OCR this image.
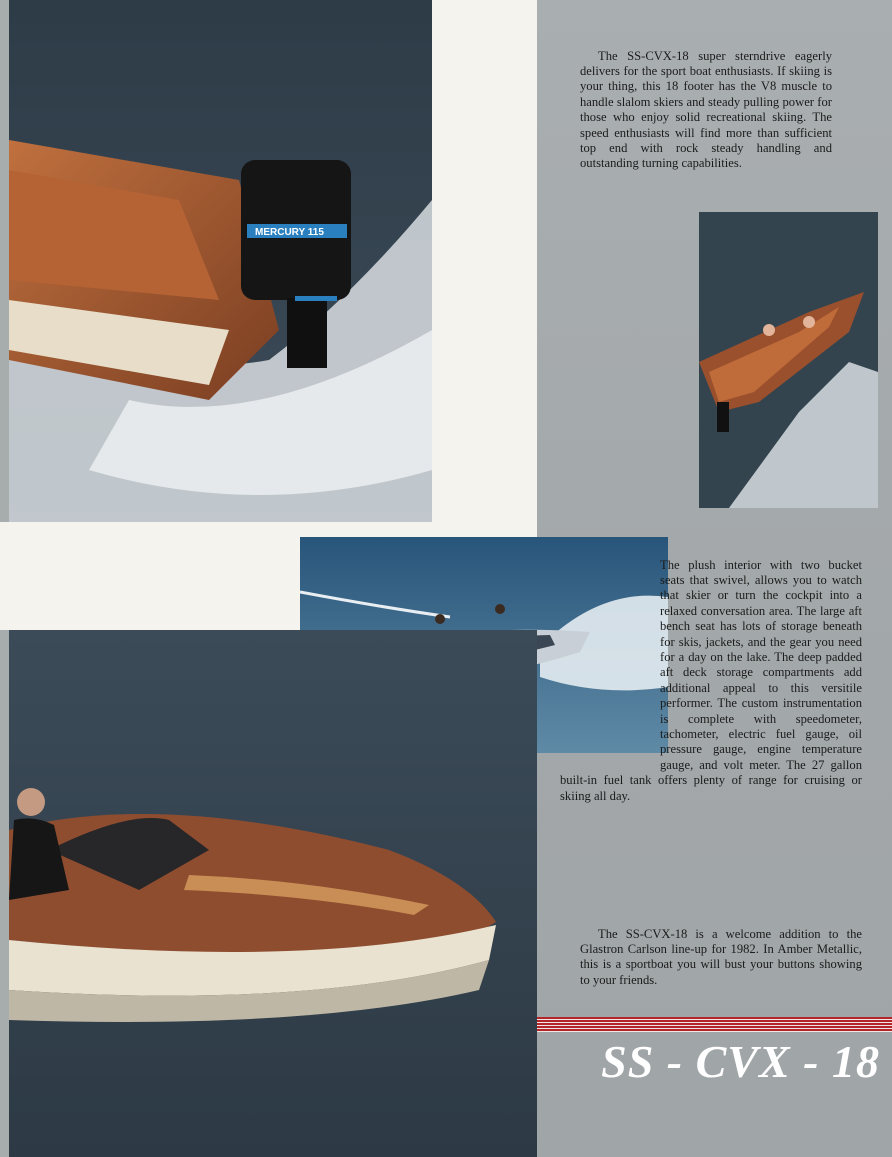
MERCURY 115

The SS-CVX-18 super sterndrive eagerly delivers for the sport boat enthusiasts. If skiing is your thing, this 18 footer has the V8 muscle to handle slalom skiers and steady pulling power for those who enjoy solid recreational skiing. The speed enthusiasts will find more than sufficient top end with rock steady handling and outstanding turning capabilities.

The plush interior with two bucket seats that swivel, allows you to watch that skier or turn the cockpit into a relaxed conversation area. The large aft bench seat has lots of storage beneath for skis, jackets, and the gear you need for a day on the lake. The deep padded aft deck storage compartments add additional appeal to this versitile performer. The custom instrumentation is complete with speedometer, tachometer, electric fuel gauge, oil pressure gauge, engine temperature gauge, and volt meter. The 27 gallon built-in fuel tank offers plenty of range for cruising or skiing all day.

The SS-CVX-18 is a welcome addition to the Glastron Carlson line-up for 1982. In Amber Metallic, this is a sportboat you will bust your buttons showing to your friends.

SS - CVX - 18
